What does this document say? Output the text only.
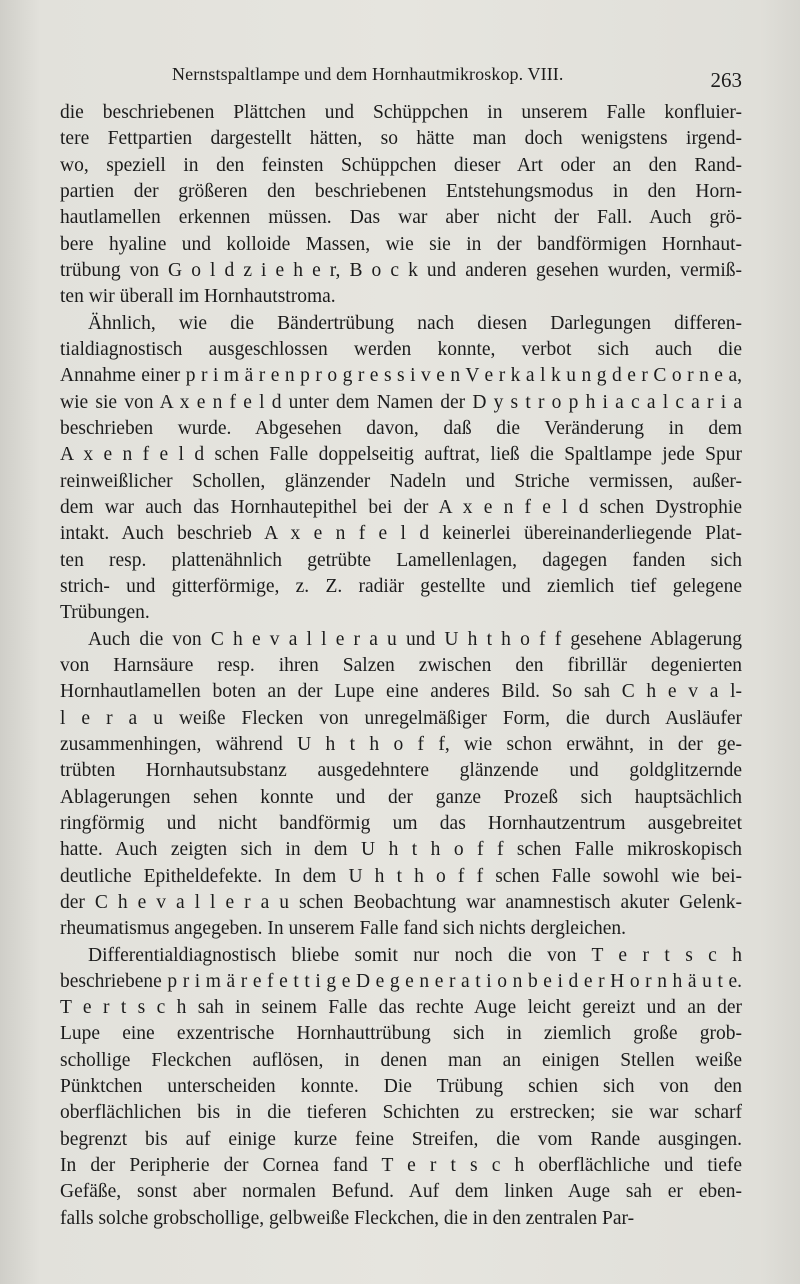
Nernstspaltlampe und dem Hornhautmikroskop. VIII.	263
die beschriebenen Plättchen und Schüppchen in unserem Falle konfluier-
tere Fettpartien dargestellt hätten, so hätte man doch wenigstens irgend-
wo, speziell in den feinsten Schüppchen dieser Art oder an den Rand-
partien der größeren den beschriebenen Entstehungsmodus in den Horn-
hautlamellen erkennen müssen. Das war aber nicht der Fall. Auch grö-
bere hyaline und kolloide Massen, wie sie in der bandförmigen Hornhaut-
trübung von G o l d z i e h e r, B o c k und anderen gesehen wurden, vermiß-
ten wir überall im Hornhautstroma.
Ähnlich, wie die Bändertrübung nach diesen Darlegungen differen-
tialdiagnostisch ausgeschlossen werden konnte, verbot sich auch die
Annahme einer p r i m ä r e n p r o g r e s s i v e n V e r k a l k u n g d e r C o r n e a,
wie sie von A x e n f e l d unter dem Namen der D y s t r o p h i a c a l c a r i a
beschrieben wurde. Abgesehen davon, daß die Veränderung in dem
A x e n f e l d schen Falle doppelseitig auftrat, ließ die Spaltlampe jede Spur
reinweißlicher Schollen, glänzender Nadeln und Striche vermissen, außer-
dem war auch das Hornhautepithel bei der A x e n f e l d schen Dystrophie
intakt. Auch beschrieb A x e n f e l d keinerlei übereinanderliegende Plat-
ten resp. plattenähnlich getrübte Lamellenlagen, dagegen fanden sich
strich- und gitterförmige, z. Z. radiär gestellte und ziemlich tief gelegene
Trübungen.
Auch die von C h e v a l l e r a u und U h t h o f f gesehene Ablagerung
von Harnsäure resp. ihren Salzen zwischen den fibrillär degenierten
Hornhautlamellen boten an der Lupe eine anderes Bild. So sah C h e v a l-
l e r a u weiße Flecken von unregelmäßiger Form, die durch Ausläufer
zusammenhingen, während U h t h o f f, wie schon erwähnt, in der ge-
trübten Hornhautsubstanz ausgedehntere glänzende und goldglitzernde
Ablagerungen sehen konnte und der ganze Prozeß sich hauptsächlich
ringförmig und nicht bandförmig um das Hornhautzentrum ausgebreitet
hatte. Auch zeigten sich in dem U h t h o f f schen Falle mikroskopisch
deutliche Epitheldefekte. In dem U h t h o f f schen Falle sowohl wie bei-
der C h e v a l l e r a u schen Beobachtung war anamnestisch akuter Gelenk-
rheumatismus angegeben. In unserem Falle fand sich nichts dergleichen.
Differentialdiagnostisch bliebe somit nur noch die von T e r t s c h
beschriebene p r i m ä r e f e t t i g e D e g e n e r a t i o n b e i d e r H o r n h ä u t e.
T e r t s c h sah in seinem Falle das rechte Auge leicht gereizt und an der
Lupe eine exzentrische Hornhauttrübung sich in ziemlich große grob-
schollige Fleckchen auflösen, in denen man an einigen Stellen weiße
Pünktchen unterscheiden konnte. Die Trübung schien sich von den
oberflächlichen bis in die tieferen Schichten zu erstrecken; sie war scharf
begrenzt bis auf einige kurze feine Streifen, die vom Rande ausgingen.
In der Peripherie der Cornea fand T e r t s c h oberflächliche und tiefe
Gefäße, sonst aber normalen Befund. Auf dem linken Auge sah er eben-
falls solche grobschollige, gelbweiße Fleckchen, die in den zentralen Par-
